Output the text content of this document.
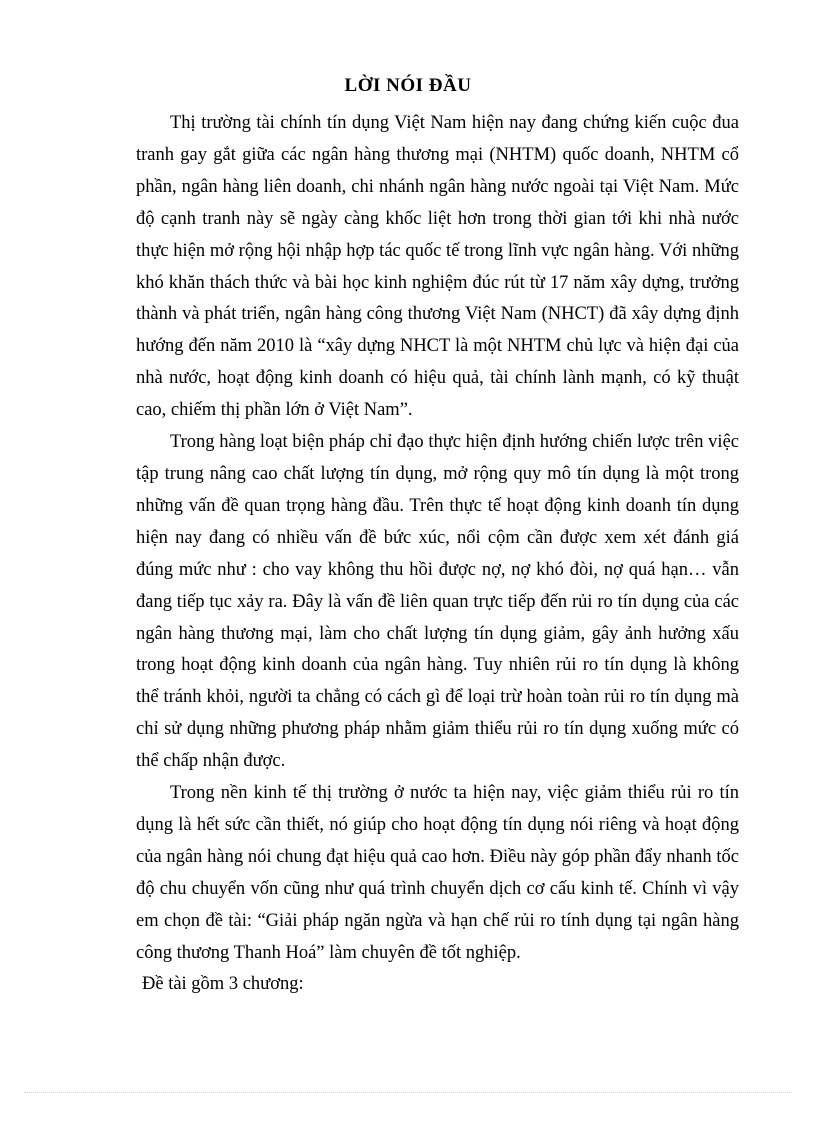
LỜI NÓI ĐẦU

Thị trường tài chính tín dụng Việt Nam hiện nay đang chứng kiến cuộc đua tranh gay gắt giữa các ngân hàng thương mại (NHTM) quốc doanh, NHTM cổ phần, ngân hàng liên doanh, chi nhánh ngân hàng nước ngoài tại Việt Nam. Mức độ cạnh tranh này sẽ ngày càng khốc liệt hơn trong thời gian tới khi nhà nước thực hiện mở rộng hội nhập hợp tác quốc tế trong lĩnh vực ngân hàng. Với những khó khăn thách thức và bài học kinh nghiệm đúc rút từ 17 năm xây dựng, trưởng thành và phát triển, ngân hàng công thương Việt Nam (NHCT) đã xây dựng định hướng đến năm 2010 là “xây dựng NHCT là một NHTM chủ lực và hiện đại của nhà nước, hoạt động kinh doanh có hiệu quả, tài chính lành mạnh, có kỹ thuật cao, chiếm thị phần lớn ở Việt Nam”.

Trong hàng loạt biện pháp chỉ đạo thực hiện định hướng chiến lược trên việc tập trung nâng cao chất lượng tín dụng, mở rộng quy mô tín dụng là một trong những vấn đề quan trọng hàng đầu. Trên thực tế hoạt động kinh doanh tín dụng hiện nay đang có nhiều vấn đề bức xúc, nổi cộm cần được xem xét đánh giá đúng mức như : cho vay không thu hồi được nợ, nợ khó đòi, nợ quá hạn… vẫn đang tiếp tục xảy ra. Đây là vấn đề liên quan trực tiếp đến rủi ro tín dụng của các ngân hàng thương mại, làm cho chất lượng tín dụng giảm, gây ảnh hưởng xấu trong hoạt động kinh doanh của ngân hàng. Tuy nhiên rủi ro tín dụng là không thể tránh khỏi, người ta chẳng có cách gì để loại trừ hoàn toàn rủi ro tín dụng mà chỉ sử dụng những phương pháp nhằm giảm thiểu rủi ro tín dụng xuống mức có thể chấp nhận được.

Trong nền kinh tế thị trường ở nước ta hiện nay, việc giảm thiểu rủi ro tín dụng là hết sức cần thiết, nó giúp cho hoạt động tín dụng nói riêng và hoạt động của ngân hàng nói chung đạt hiệu quả cao hơn. Điều này góp phần đẩy nhanh tốc độ chu chuyển vốn cũng như quá trình chuyển dịch cơ cấu kinh tế. Chính vì vậy em chọn đề tài: “Giải pháp ngăn ngừa và hạn chế rủi ro tính dụng tại ngân hàng công thương Thanh Hoá” làm chuyên đề tốt nghiệp.

Đề tài gồm 3 chương:
